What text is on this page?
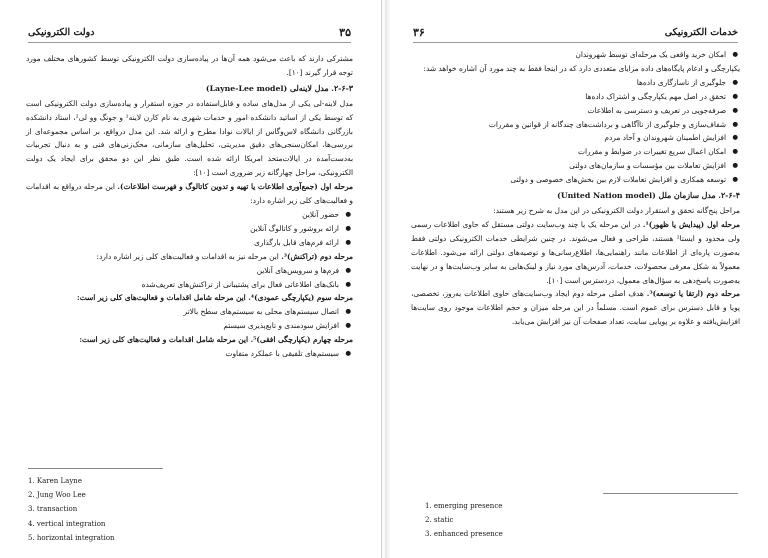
۳۵
دولت الکترونیکی

مشترکی دارند که باعث می‌شود همه آن‌ها در پیاده‌سازی دولت الکترونیکی توسط کشورهای مختلف مورد توجه قرار گیرند [۱۰].

۲-۶-۳. مدل لاینه‌لی (Layne-Lee model)

مدل لاینه-لی یکی از مدل‌های ساده و قابل‌استفاده در حوزه استقرار و پیاده‌سازی دولت الکترونیکی است که توسط یکی از اساتید دانشکده امور و خدمات شهری به نام کارن لاینه¹ و جونگ وو لی²، استاد دانشکده بازرگانی دانشگاه لاس‌وگاس از ایالات نوادا مطرح و ارائه شد. این مدل درواقع، بر اساس مجموعه‌ای از بررسی‌ها، امکان‌سنجی‌های دقیق مدیریتی، تحلیل‌های سازمانی، محک‌زنی‌های فنی و به دنبال تجربیات به‌دست‌آمده در ایالات‌متحد امریکا ارائه شده است. طبق نظر این دو محقق برای ایجاد یک دولت الکترونیکی، مراحل چهارگانه زیر ضروری است [۱۰]:

مرحله اول (جمع‌آوری اطلاعات یا تهیه و تدوین کاتالوگ و فهرست اطلاعات). این مرحله درواقع به اقدامات و فعالیت‌های کلی زیر اشاره دارد:

● حضور آنلاین
● ارائه بروشور و کاتالوگ آنلاین
● ارائه فرم‌های قابل بارگذاری

مرحله دوم (تراکنش)³. این مرحله نیز به اقدامات و فعالیت‌های کلی زیر اشاره دارد:

● فرم‌ها و سرویس‌های آنلاین
● بانک‌های اطلاعاتی فعال برای پشتیبانی از تراکنش‌های تعریف‌شده

مرحله سوم (یکپارچگی عمودی)⁴. این مرحله شامل اقدامات و فعالیت‌های کلی زیر است:

● اتصال سیستم‌های محلی به سیستم‌های سطح بالاتر
● افزایش سودمندی و تابع‌پذیری سیستم

مرحله چهارم (یکپارچگی افقی)⁵. این مرحله شامل اقدامات و فعالیت‌های کلی زیر است:

● سیستم‌های تلفیقی با عملکرد متفاوت
1. Karen Layne
2. Jung Woo Lee
3. transaction
4. vertical integration
5. horizontal integration
۳۶	خدمات الکترونیکی
● امکان خرید واقعی یک مرحله‌ای توسط شهروندان

یکپارچگی و ادغام پایگاه‌های داده مزایای متعددی دارد که در اینجا فقط به چند مورد آن اشاره خواهد شد:

● جلوگیری از ناسازگاری داده‌ها
● تحقق در اصل مهم یکپارچگی و اشتراک داده‌ها
● صرفه‌جویی در تعریف و دسترسی به اطلاعات
● شفاف‌سازی و جلوگیری از ناآگاهی و برداشت‌های چندگانه از قوانین و مقررات
● افزایش اطمینان شهروندان و آحاد مردم
● امکان اعمال سریع تغییرات در ضوابط و مقررات
● افزایش تعاملات بین مؤسسات و سازمان‌های دولتی
● توسعه همکاری و افزایش تعاملات لازم بین بخش‌های خصوصی و دولتی
۲-۶-۴. مدل سازمان ملل (United Nation model)

مراحل پنج‌گانه تحقق و استقرار دولت الکترونیکی در این مدل به شرح زیر هستند:

مرحله اول (پیدایش یا ظهور)¹. در این مرحله یک یا چند وب‌سایت دولتی مستقل که حاوی اطلاعات رسمی ولی محدود و ایستا² هستند، طراحی و فعال می‌شوند. در چنین شرایطی خدمات الکترونیکی دولتی فقط به‌صورت پاره‌ای از اطلاعات مانند راهنمایی‌ها، اطلاع‌رسانی‌ها و توصیه‌های دولتی ارائه می‌شود. اطلاعات معمولاً به شکل معرفی محصولات، خدمات، آدرس‌های مورد نیاز و لینک‌هایی به سایر وب‌سایت‌ها و در نهایت به‌صورت پاسخ‌دهی به سؤال‌های معمول، دردسترس است [۱۰].

مرحله دوم (ارتقا یا توسعه)³. هدف اصلی مرحله دوم ایجاد وب‌سایت‌های حاوی اطلاعات به‌روز، تخصصی، پویا و قابل دسترس برای عموم است. مسلماً در این مرحله میزان و حجم اطلاعات موجود روی سایت‌ها افزایش‌یافته و علاوه بر پویایی سایت، تعداد صفحات آن نیز افزایش می‌یابد.

1. emerging presence
2. static
3. enhanced presence
